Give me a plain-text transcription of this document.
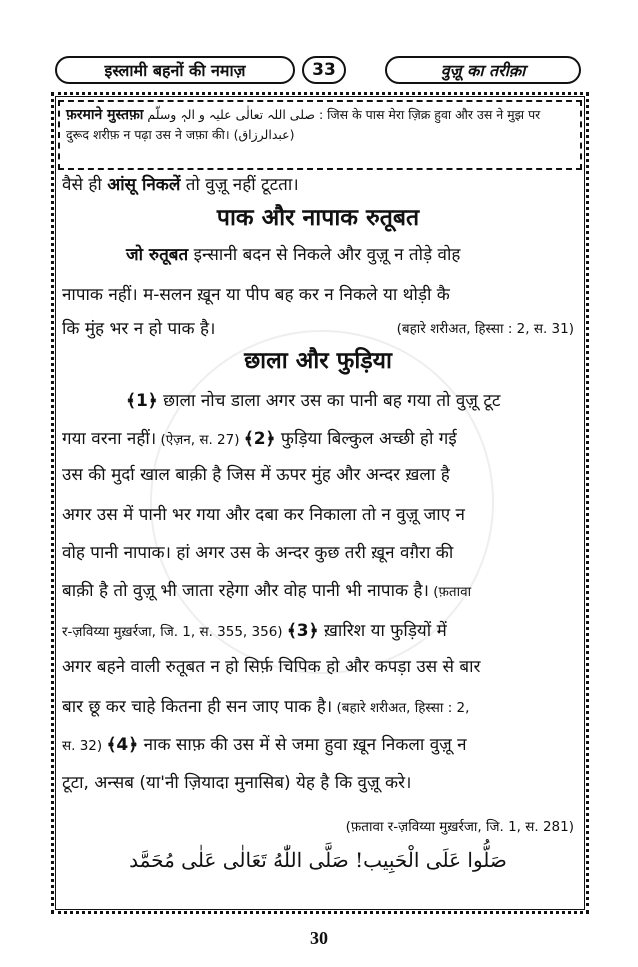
इस्लामी बहनों की नमाज़	33	वुज़ू का तरीक़ा
फ़रमाने मुस्तफ़ा صلی اللہ تعالٰی علیہ و الہٖ وسلّم : जिस के पास मेरा ज़िक्र हुवा और उस ने मुझ पर
दुरूद शरीफ़ न पढ़ा उस ने जफ़ा की। (عبدالرزاق)
वैसे ही आंसू निकलें तो वुज़ू नहीं टूटता।
पाक और नापाक रुतूबत
जो रुतूबत इन्सानी बदन से निकले और वुज़ू न तोड़े वोह
नापाक नहीं। म-सलन ख़ून या पीप बह कर न निकले या थोड़ी कै
कि मुंह भर न हो पाक है।	(बहारे शरीअत, हिस्सा : 2, स. 31)
छाला और फुड़िया
﴾1﴿ छाला नोच डाला अगर उस का पानी बह गया तो वुज़ू टूट
गया वरना नहीं। (ऐज़न, स. 27) ﴾2﴿ फुड़िया बिल्कुल अच्छी हो गई
उस की मुर्दा खाल बाक़ी है जिस में ऊपर मुंह और अन्दर ख़ला है
अगर उस में पानी भर गया और दबा कर निकाला तो न वुज़ू जाए न
वोह पानी नापाक। हां अगर उस के अन्दर कुछ तरी ख़ून वग़ैरा की
बाक़ी है तो वुज़ू भी जाता रहेगा और वोह पानी भी नापाक है। (फ़तावा
र-ज़विय्या मुख़र्रजा, जि. 1, स. 355, 356) ﴾3﴿ ख़ारिश या फुड़ियों में
अगर बहने वाली रुतूबत न हो सिर्फ़ चिपिक हो और कपड़ा उस से बार
बार छू कर चाहे कितना ही सन जाए पाक है। (बहारे शरीअत, हिस्सा : 2,
स. 32) ﴾4﴿ नाक साफ़ की उस में से जमा हुवा ख़ून निकला वुज़ू न
टूटा, अन्सब (या'नी ज़ियादा मुनासिब) येह है कि वुज़ू करे।
(फ़तावा र-ज़विय्या मुख़र्रजा, जि. 1, स. 281)
صَلُّوا عَلَى الْحَبِيب! صَلَّى اللّٰهُ تَعَالٰى عَلٰى مُحَمَّد
30
